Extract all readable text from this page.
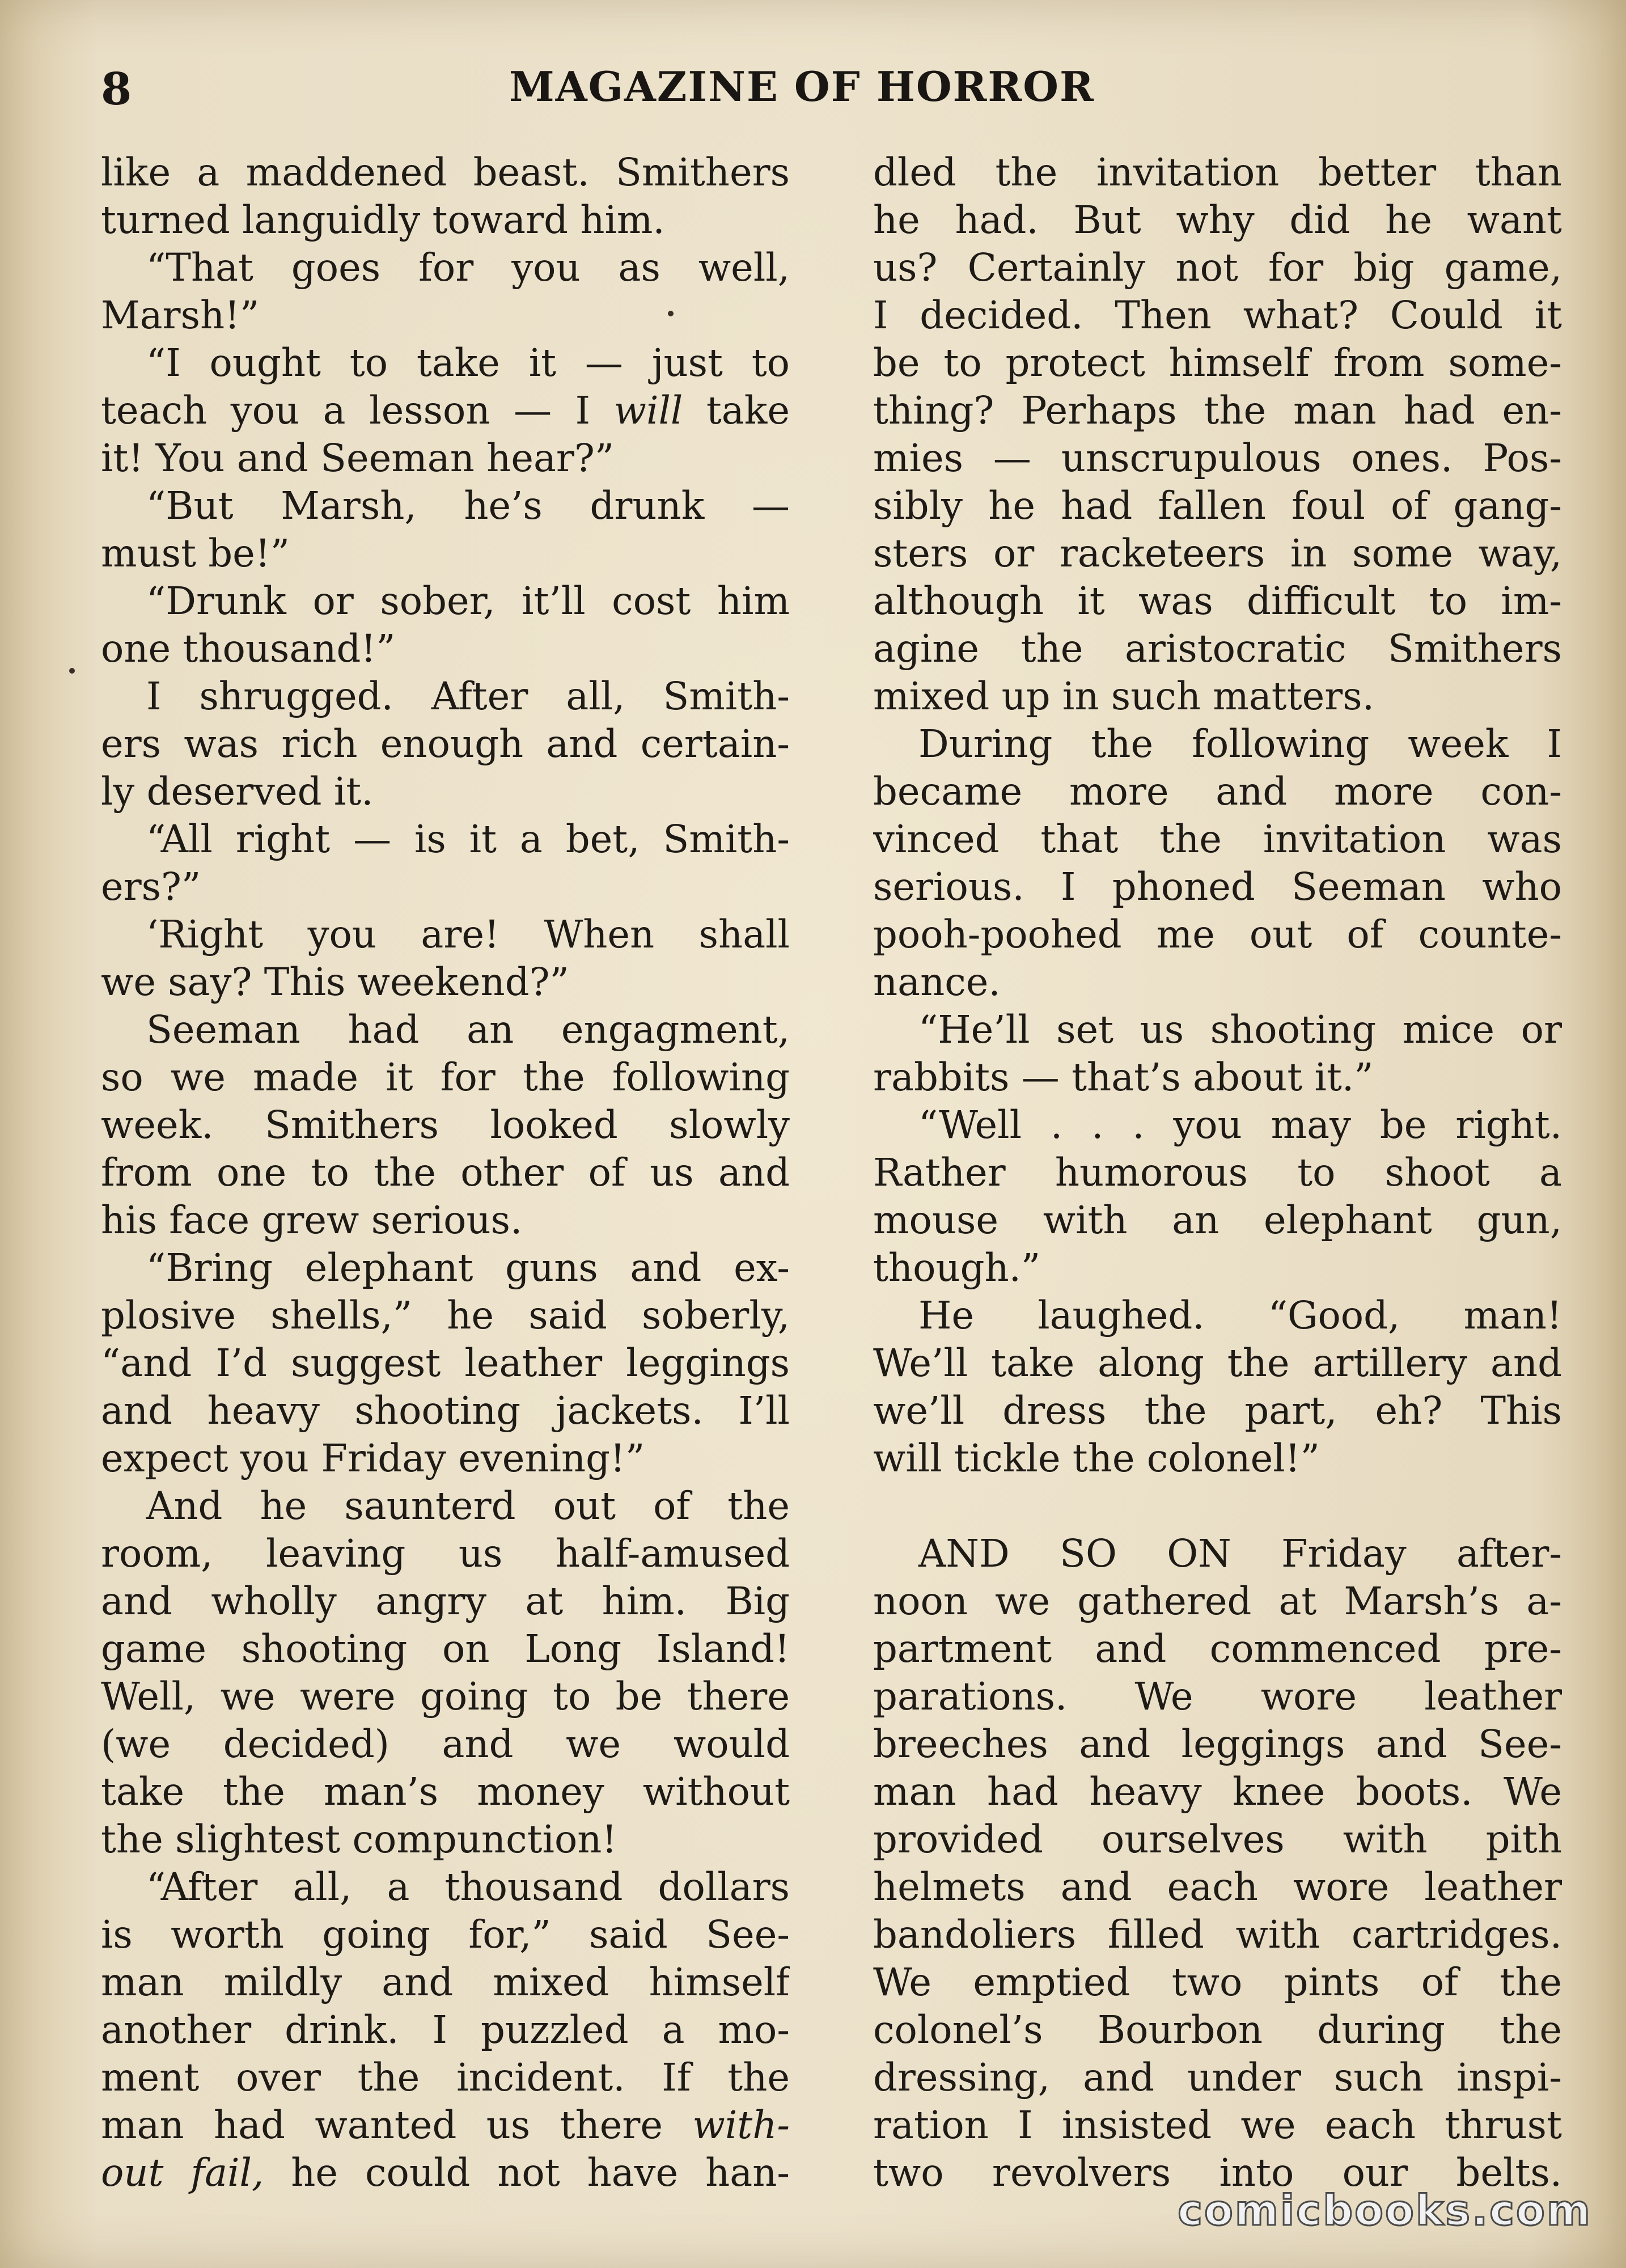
8	MAGAZINE OF HORROR
like a maddened beast. Smithers
turned languidly toward him.
“That goes for you as well,
Marsh!”
“I ought to take it — just to
teach you a lesson — I will take
it! You and Seeman hear?”
“But Marsh, he’s drunk —
must be!”
“Drunk or sober, it’ll cost him
one thousand!”
I shrugged. After all, Smith-
ers was rich enough and certain-
ly deserved it.
“All right — is it a bet, Smith-
ers?”
‘Right you are! When shall
we say? This weekend?”
Seeman had an engagment,
so we made it for the following
week. Smithers looked slowly
from one to the other of us and
his face grew serious.
“Bring elephant guns and ex-
plosive shells,” he said soberly,
“and I’d suggest leather leggings
and heavy shooting jackets. I’ll
expect you Friday evening!”
And he saunterd out of the
room, leaving us half-amused
and wholly angry at him. Big
game shooting on Long Island!
Well, we were going to be there
(we decided) and we would
take the man’s money without
the slightest compunction!
“After all, a thousand dollars
is worth going for,” said See-
man mildly and mixed himself
another drink. I puzzled a mo-
ment over the incident. If the
man had wanted us there with-
out fail, he could not have han-
dled the invitation better than
he had. But why did he want
us? Certainly not for big game,
I decided. Then what? Could it
be to protect himself from some-
thing? Perhaps the man had en-
mies — unscrupulous ones. Pos-
sibly he had fallen foul of gang-
sters or racketeers in some way,
although it was difficult to im-
agine the aristocratic Smithers
mixed up in such matters.
During the following week I
became more and more con-
vinced that the invitation was
serious. I phoned Seeman who
pooh-poohed me out of counte-
nance.
“He’ll set us shooting mice or
rabbits — that’s about it.”
“Well . . . you may be right.
Rather humorous to shoot a
mouse with an elephant gun,
though.”
He laughed. “Good, man!
We’ll take along the artillery and
we’ll dress the part, eh? This
will tickle the colonel!”
AND SO ON Friday after-
noon we gathered at Marsh’s a-
partment and commenced pre-
parations. We wore leather
breeches and leggings and See-
man had heavy knee boots. We
provided ourselves with pith
helmets and each wore leather
bandoliers filled with cartridges.
We emptied two pints of the
colonel’s Bourbon during the
dressing, and under such inspi-
ration I insisted we each thrust
two revolvers into our belts.
comicbooks.com
